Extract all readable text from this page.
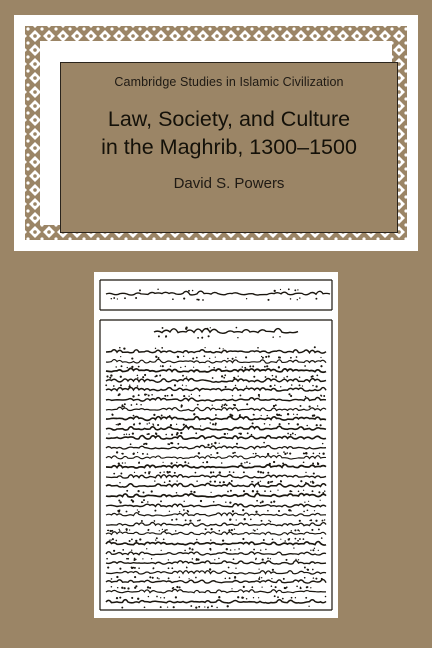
Cambridge Studies in Islamic Civilization
Law, Society, and Culture
in the Maghrib, 1300–1500
David S. Powers
